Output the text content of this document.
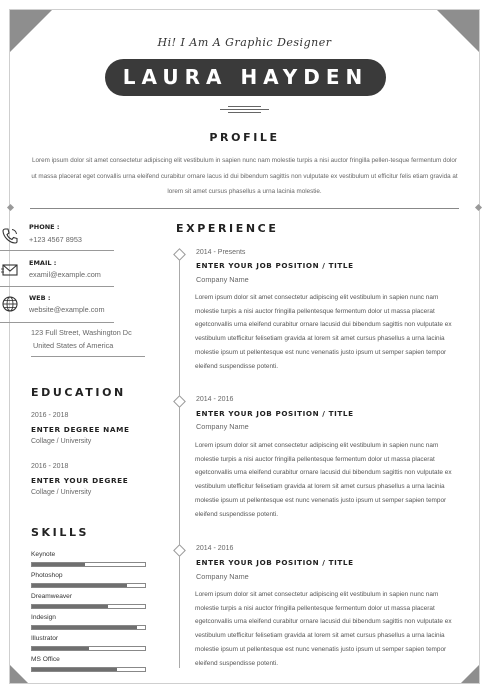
Hi! I Am A Graphic Designer
LAURA HAYDEN
PROFILE
Lorem ipsum dolor sit amet consectetur adipiscing elit vestibulum in sapien nunc nam molestie turpis a nisi auctor fringilla pellen-tesque fermentum dolor ut massa placerat eget convallis urna eleifend curabitur ornare lacus id dui bibendum sagittis non vulputate ex vestibulum ut efficitur felis etiam gravida at lorem sit amet cursus phasellus a urna lacinia molestie.
PHONE :
+123 4567 8953
EMAIL :
examil@example.com
WEB :
website@example.com
123 Full Street, Washington Dc
United States of America
EDUCATION
2016 - 2018
ENTER DEGREE NAME
Collage / University
2016 - 2018
ENTER YOUR DEGREE
Collage / University
SKILLS
Keynote
Photoshop
Dreamweaver
Indesign
Illustrator
MS Office
EXPERIENCE
2014 - Presents
ENTER YOUR JOB POSITION / TITLE
Company Name
Lorem ipsum dolor sit amet consectetur adipiscing elit vestibulum in sapien nunc nam molestie turpis a nisi auctor fringilla pellentesque fermentum dolor ut massa placerat egetconvallis urna eleifend curabitur ornare lacusid dui bibendum sagittis non vulputate ex vestibulum utefficitur felisetiam gravida at lorem sit amet cursus phasellus a urna lacinia molestie ipsum ut pellentesque est nunc venenatis justo ipsum ut semper sapien tempor eleifend suspendisse potenti.
2014 - 2016
ENTER YOUR JOB POSITION / TITLE
Company Name
Lorem ipsum dolor sit amet consectetur adipiscing elit vestibulum in sapien nunc nam molestie turpis a nisi auctor fringilla pellentesque fermentum dolor ut massa placerat egetconvallis urna eleifend curabitur ornare lacusid dui bibendum sagittis non vulputate ex vestibulum utefficitur felisetiam gravida at lorem sit amet cursus phasellus a urna lacinia molestie ipsum ut pellentesque est nunc venenatis justo ipsum ut semper sapien tempor eleifend suspendisse potenti.
2014 - 2016
ENTER YOUR JOB POSITION / TITLE
Company Name
Lorem ipsum dolor sit amet consectetur adipiscing elit vestibulum in sapien nunc nam molestie turpis a nisi auctor fringilla pellentesque fermentum dolor ut massa placerat egetconvallis urna eleifend curabitur ornare lacusid dui bibendum sagittis non vulputate ex vestibulum utefficitur felisetiam gravida at lorem sit amet cursus phasellus a urna lacinia molestie ipsum ut pellentesque est nunc venenatis justo ipsum ut semper sapien tempor eleifend suspendisse potenti.
